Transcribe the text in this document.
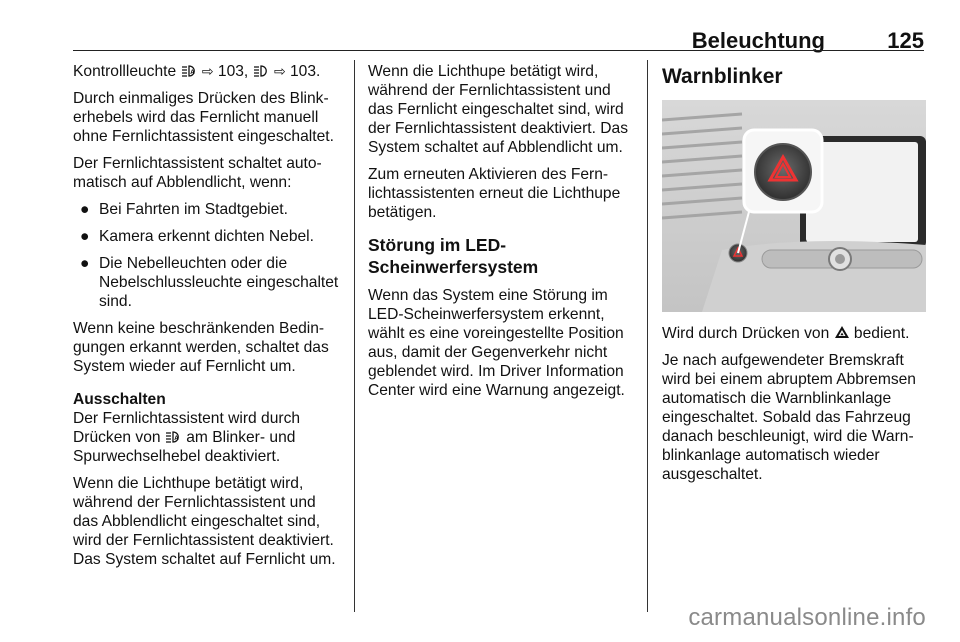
Beleuchtung	125

Kontrollleuchte A ⇨ 103,  ⇨ 103.

Durch einmaliges Drücken des Blinkerhebels wird das Fernlicht manuell ohne Fernlichtassistent eingeschaltet.

Der Fernlichtassistent schaltet automatisch auf Abblendlicht, wenn:

● Bei Fahrten im Stadtgebiet.
● Kamera erkennt dichten Nebel.
● Die Nebelleuchten oder die Nebelschlussleuchte eingeschaltet sind.

Wenn keine beschränkenden Bedingungen erkannt werden, schaltet das System wieder auf Fernlicht um.

Ausschalten

Der Fernlichtassistent wird durch Drücken von A am Blinker- und Spurwechselhebel deaktiviert.

Wenn die Lichthupe betätigt wird, während der Fernlichtassistent und das Abblendlicht eingeschaltet sind, wird der Fernlichtassistent deaktiviert. Das System schaltet auf Fernlicht um.

Wenn die Lichthupe betätigt wird, während der Fernlichtassistent und das Fernlicht eingeschaltet sind, wird der Fernlichtassistent deaktiviert. Das System schaltet auf Abblendlicht um.

Zum erneuten Aktivieren des Fernlichtassistenten erneut die Lichthupe betätigen.

Störung im LED-Scheinwerfersystem

Wenn das System eine Störung im LED-Scheinwerfersystem erkennt, wählt es eine voreingestellte Position aus, damit der Gegenverkehr nicht geblendet wird. Im Driver Information Center wird eine Warnung angezeigt.

Warnblinker

Wird durch Drücken von  bedient.

Je nach aufgewendeter Bremskraft wird bei einem abruptem Abbremsen automatisch die Warnblinkanlage eingeschaltet. Sobald das Fahrzeug danach beschleunigt, wird die Warnblinkanlage automatisch wieder ausgeschaltet.

carmanualsonline.info
